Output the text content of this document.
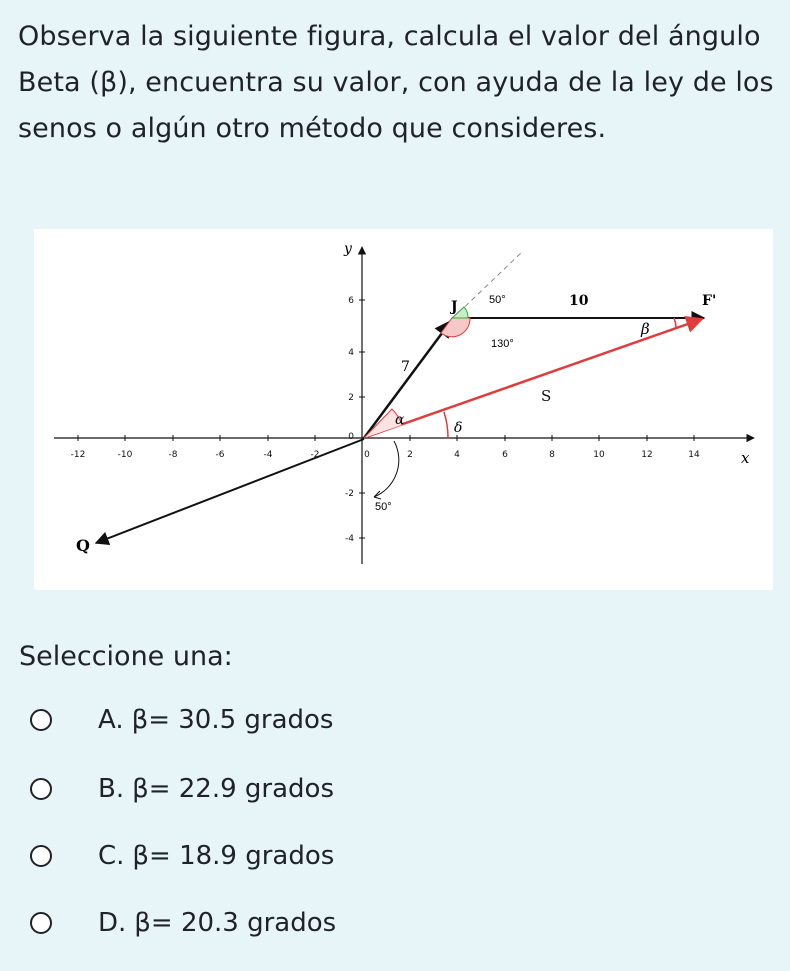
Observa la siguiente figura, calcula el valor del ángulo Beta (β), encuentra su valor, con ayuda de la ley de los senos o algún otro método que consideres.

-12	-10	-8	-6	-4	-2	0	2	4	6	8	10	12	14
6
4
2
0
-2
-4
y
x
J	F'
Q
50°
130°
50°
10
7
S
α
β
δ
Seleccione una:
A. β= 30.5 grados
B. β= 22.9 grados
C. β= 18.9 grados
D. β= 20.3 grados
